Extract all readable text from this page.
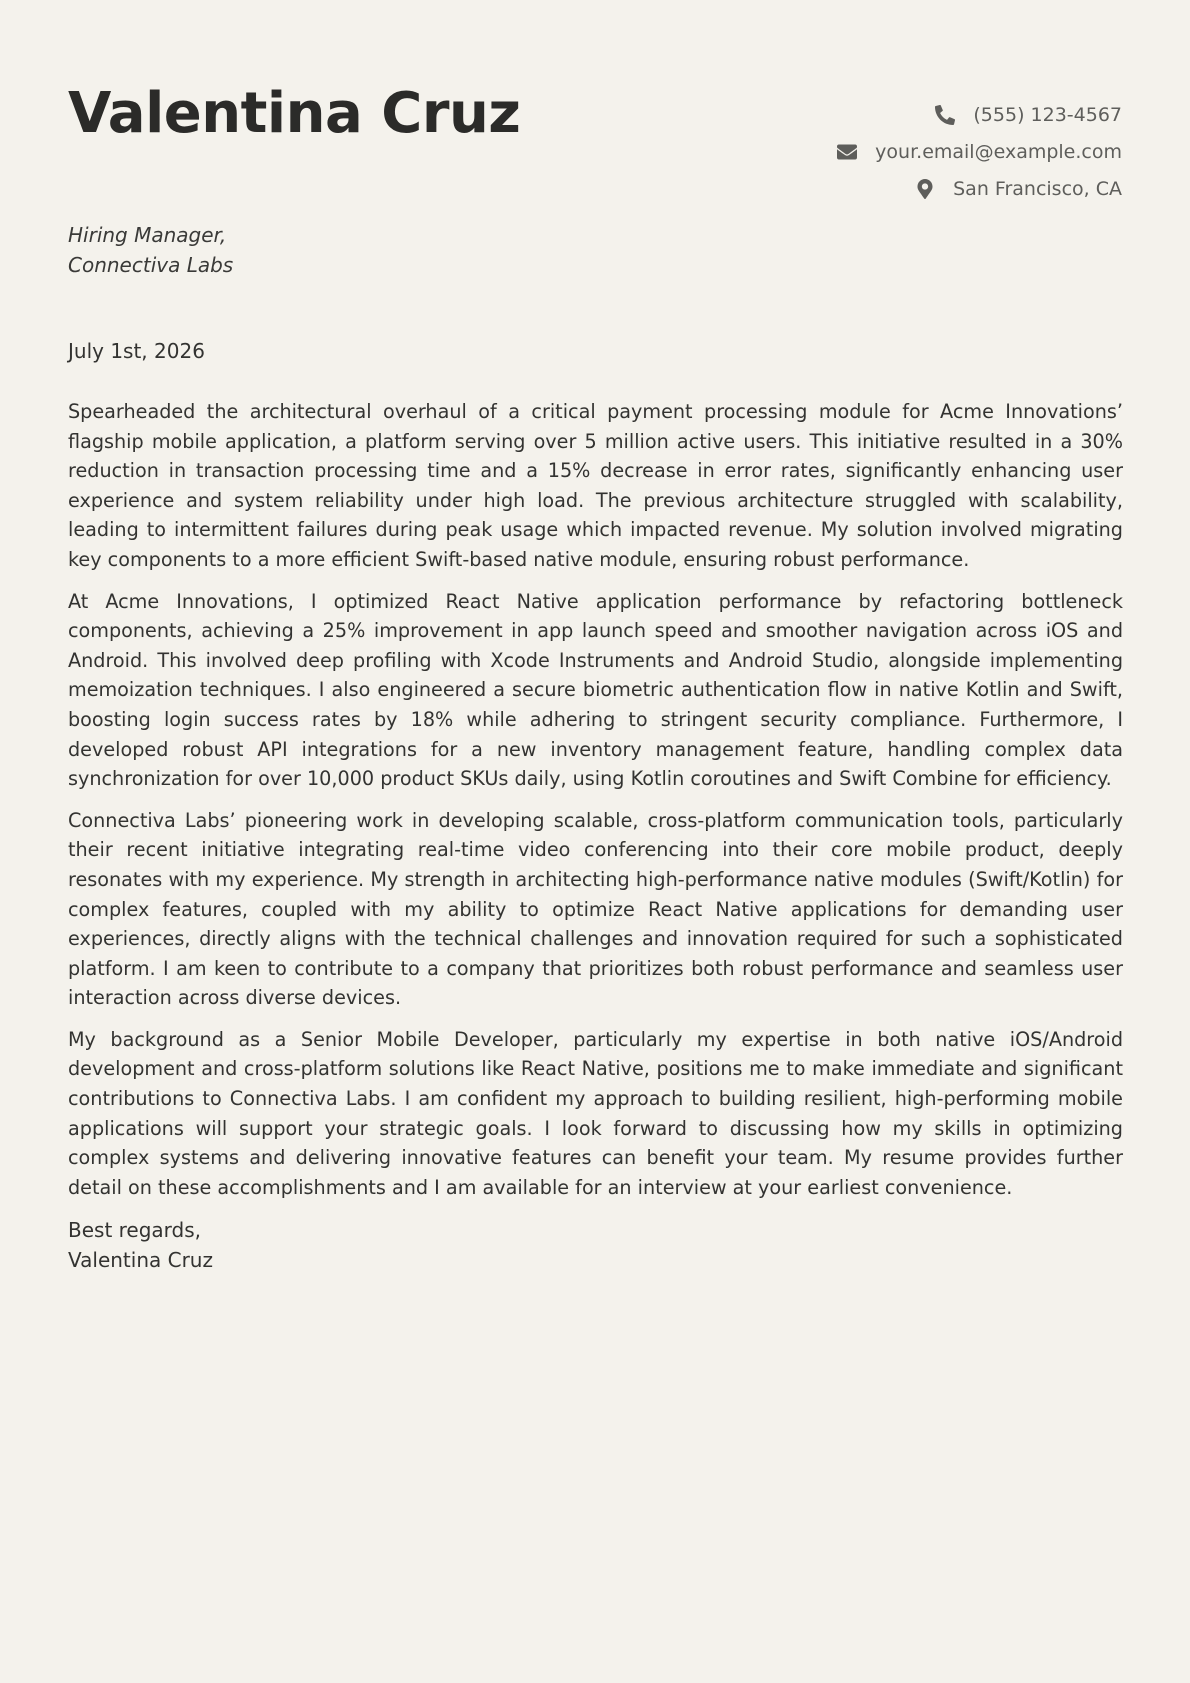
Valentina Cruz	(555) 123-4567
your.email@example.com
San Francisco, CA
Hiring Manager,
Connectiva Labs
July 1st, 2026

Spearheaded the architectural overhaul of a critical payment processing module for Acme Innovations’ flagship mobile application, a platform serving over 5 million active users. This initiative resulted in a 30% reduction in transaction processing time and a 15% decrease in error rates, significantly enhancing user experience and system reliability under high load. The previous architecture struggled with scalability, leading to intermittent failures during peak usage which impacted revenue. My solution involved migrating key components to a more efficient Swift-based native module, ensuring robust performance.

At Acme Innovations, I optimized React Native application performance by refactoring bottleneck components, achieving a 25% improvement in app launch speed and smoother navigation across iOS and Android. This involved deep profiling with Xcode Instruments and Android Studio, alongside implementing memoization techniques. I also engineered a secure biometric authentication flow in native Kotlin and Swift, boosting login success rates by 18% while adhering to stringent security compliance. Furthermore, I developed robust API integrations for a new inventory management feature, handling complex data synchronization for over 10,000 product SKUs daily, using Kotlin coroutines and Swift Combine for efficiency.

Connectiva Labs’ pioneering work in developing scalable, cross-platform communication tools, particularly their recent initiative integrating real-time video conferencing into their core mobile product, deeply resonates with my experience. My strength in architecting high-performance native modules (Swift/Kotlin) for complex features, coupled with my ability to optimize React Native applications for demanding user experiences, directly aligns with the technical challenges and innovation required for such a sophisticated platform. I am keen to contribute to a company that prioritizes both robust performance and seamless user interaction across diverse devices.

My background as a Senior Mobile Developer, particularly my expertise in both native iOS/Android development and cross-platform solutions like React Native, positions me to make immediate and significant contributions to Connectiva Labs. I am confident my approach to building resilient, high-performing mobile applications will support your strategic goals. I look forward to discussing how my skills in optimizing complex systems and delivering innovative features can benefit your team. My resume provides further detail on these accomplishments and I am available for an interview at your earliest convenience.

Best regards,
Valentina Cruz
